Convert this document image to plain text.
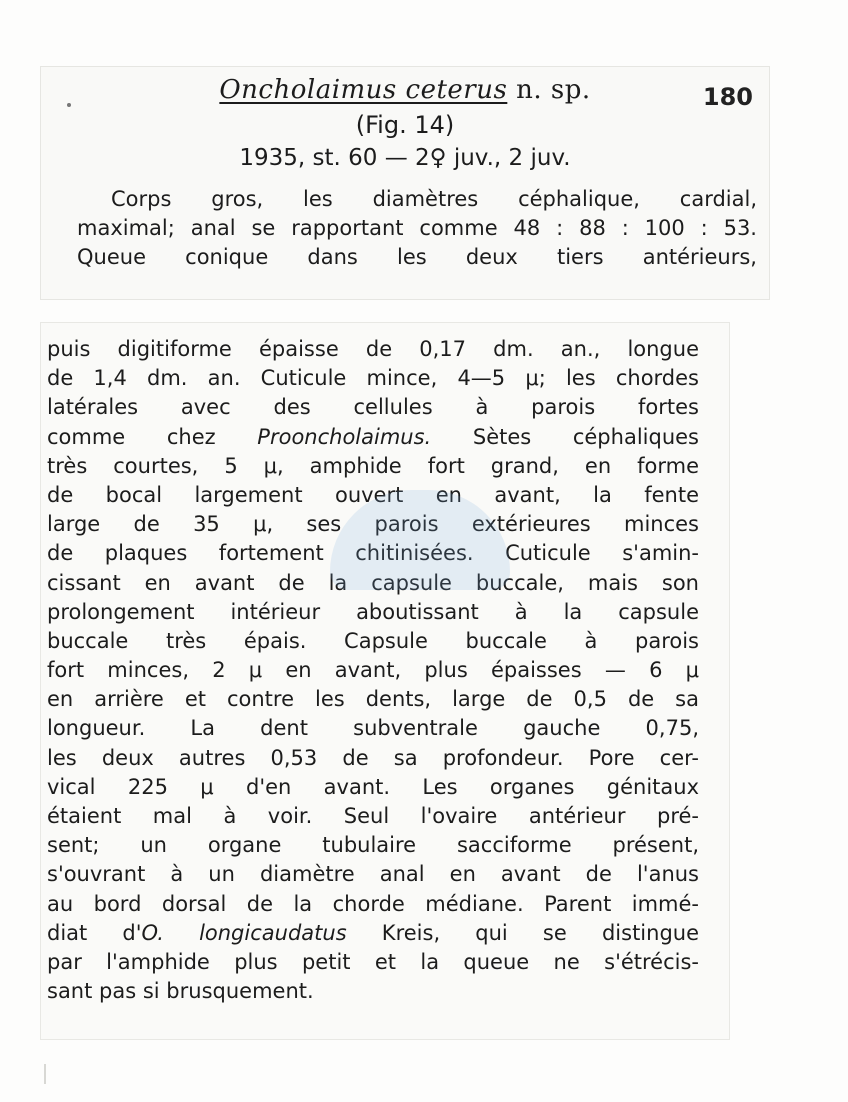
Oncholaimus ceterus n. sp.	180
(Fig. 14)
1935, st. 60 — 2♀ juv., 2 juv.
Corps gros, les diamètres céphalique, cardial,
maximal; anal se rapportant comme 48 : 88 : 100 : 53.
Queue conique dans les deux tiers antérieurs,
puis digitiforme épaisse de 0,17 dm. an., longue
de 1,4 dm. an. Cuticule mince, 4—5 μ; les chordes
latérales avec des cellules à parois fortes
comme chez Prooncholaimus. Sètes céphaliques
très courtes, 5 μ, amphide fort grand, en forme
de bocal largement ouvert en avant, la fente
large de 35 μ, ses parois extérieures minces
de plaques fortement chitinisées. Cuticule s'amin-
cissant en avant de la capsule buccale, mais son
prolongement intérieur aboutissant à la capsule
buccale très épais. Capsule buccale à parois
fort minces, 2 μ en avant, plus épaisses — 6 μ
en arrière et contre les dents, large de 0,5 de sa
longueur. La dent subventrale gauche 0,75,
les deux autres 0,53 de sa profondeur. Pore cer-
vical 225 μ d'en avant. Les organes génitaux
étaient mal à voir. Seul l'ovaire antérieur pré-
sent; un organe tubulaire sacciforme présent,
s'ouvrant à un diamètre anal en avant de l'anus
au bord dorsal de la chorde médiane. Parent immé-
diat d'O. longicaudatus Kreis, qui se distingue
par l'amphide plus petit et la queue ne s'étrécis-
sant pas si brusquement.
